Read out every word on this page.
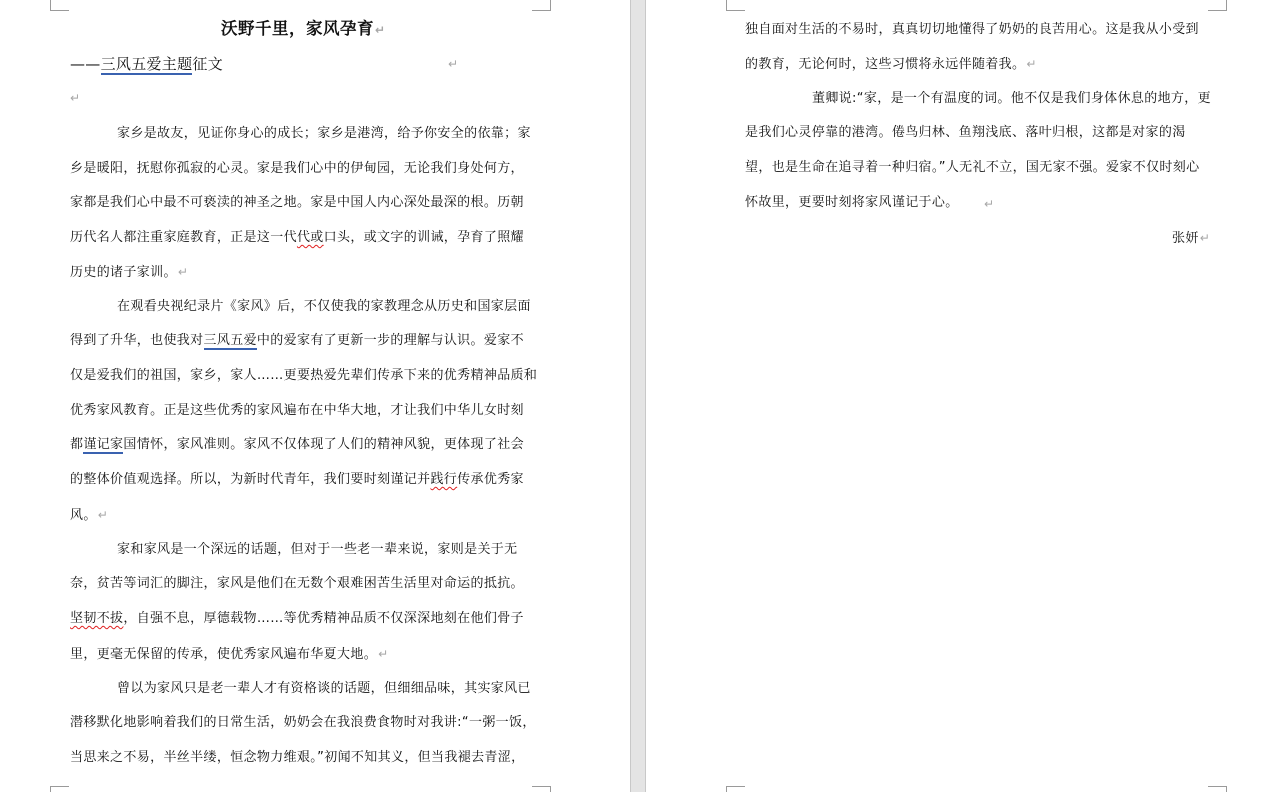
沃野千里，家风孕育↵
——三风五爱主题征文	↵
↵
家乡是故友，见证你身心的成长；家乡是港湾，给予你安全的依靠；家
乡是暖阳，抚慰你孤寂的心灵。家是我们心中的伊甸园，无论我们身处何方，
家都是我们心中最不可亵渎的神圣之地。家是中国人内心深处最深的根。历朝
历代名人都注重家庭教育，正是这一代代或口头，或文字的训诫，孕育了照耀
历史的诸子家训。↵
在观看央视纪录片《家风》后，不仅使我的家教理念从历史和国家层面
得到了升华，也使我对三风五爱中的爱家有了更新一步的理解与认识。爱家不
仅是爱我们的祖国，家乡，家人……更要热爱先辈们传承下来的优秀精神品质和
优秀家风教育。正是这些优秀的家风遍布在中华大地，才让我们中华儿女时刻
都谨记家国情怀，家风准则。家风不仅体现了人们的精神风貌，更体现了社会
的整体价值观选择。所以，为新时代青年，我们要时刻谨记并践行传承优秀家
风。↵
家和家风是一个深远的话题，但对于一些老一辈来说，家则是关于无
奈，贫苦等词汇的脚注，家风是他们在无数个艰难困苦生活里对命运的抵抗。
坚韧不拔，自强不息，厚德载物……等优秀精神品质不仅深深地刻在他们骨子
里，更毫无保留的传承，使优秀家风遍布华夏大地。↵
曾以为家风只是老一辈人才有资格谈的话题，但细细品味，其实家风已
潜移默化地影响着我们的日常生活，奶奶会在我浪费食物时对我讲:“一粥一饭，
当思来之不易，半丝半缕，恒念物力维艰。”初闻不知其义，但当我褪去青涩，
独自面对生活的不易时，真真切切地懂得了奶奶的良苦用心。这是我从小受到
的教育，无论何时，这些习惯将永远伴随着我。↵
董卿说:“家，是一个有温度的词。他不仅是我们身体休息的地方，更
是我们心灵停靠的港湾。倦鸟归林、鱼翔浅底、落叶归根，这都是对家的渴
望，也是生命在追寻着一种归宿。”人无礼不立，国无家不强。爱家不仅时刻心
怀故里，更要时刻将家风谨记于心。 ↵
张妍↵
